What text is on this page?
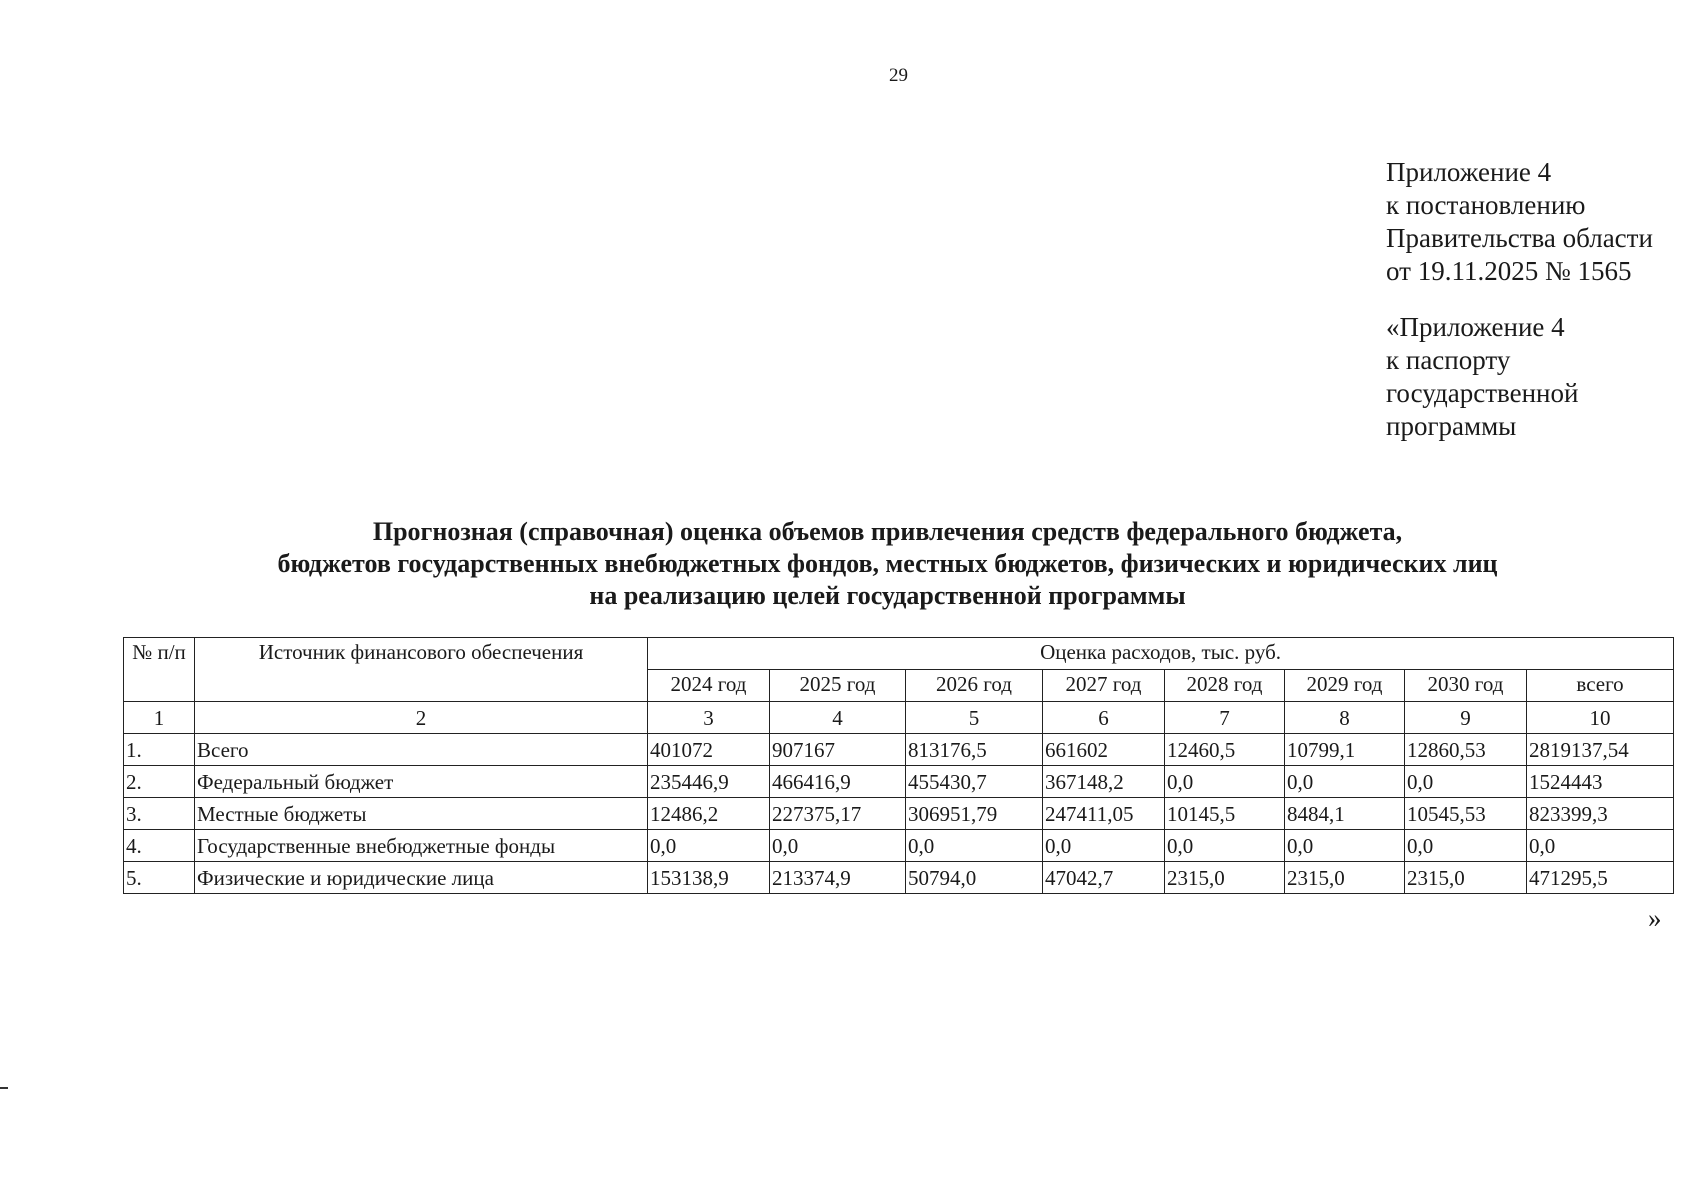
29
Приложение 4
к постановлению
Правительства области
от 19.11.2025 № 1565
«Приложение 4
к паспорту
государственной
программы
Прогнозная (справочная) оценка объемов привлечения средств федерального бюджета,
бюджетов государственных внебюджетных фондов, местных бюджетов, физических и юридических лиц
на реализацию целей государственной программы
№ п/п	Источник финансового обеспечения	Оценка расходов, тыс. руб.							
		2024 год	2025 год	2026 год	2027 год	2028 год	2029 год	2030 год	всего
1	2	3	4	5	6	7	8	9	10
1.	Всего	401072	907167	813176,5	661602	12460,5	10799,1	12860,53	2819137,54
2.	Федеральный бюджет	235446,9	466416,9	455430,7	367148,2	0,0	0,0	0,0	1524443
3.	Местные бюджеты	12486,2	227375,17	306951,79	247411,05	10145,5	8484,1	10545,53	823399,3
4.	Государственные внебюджетные фонды	0,0	0,0	0,0	0,0	0,0	0,0	0,0	0,0
5.	Физические и юридические лица	153138,9	213374,9	50794,0	47042,7	2315,0	2315,0	2315,0	471295,5
»
